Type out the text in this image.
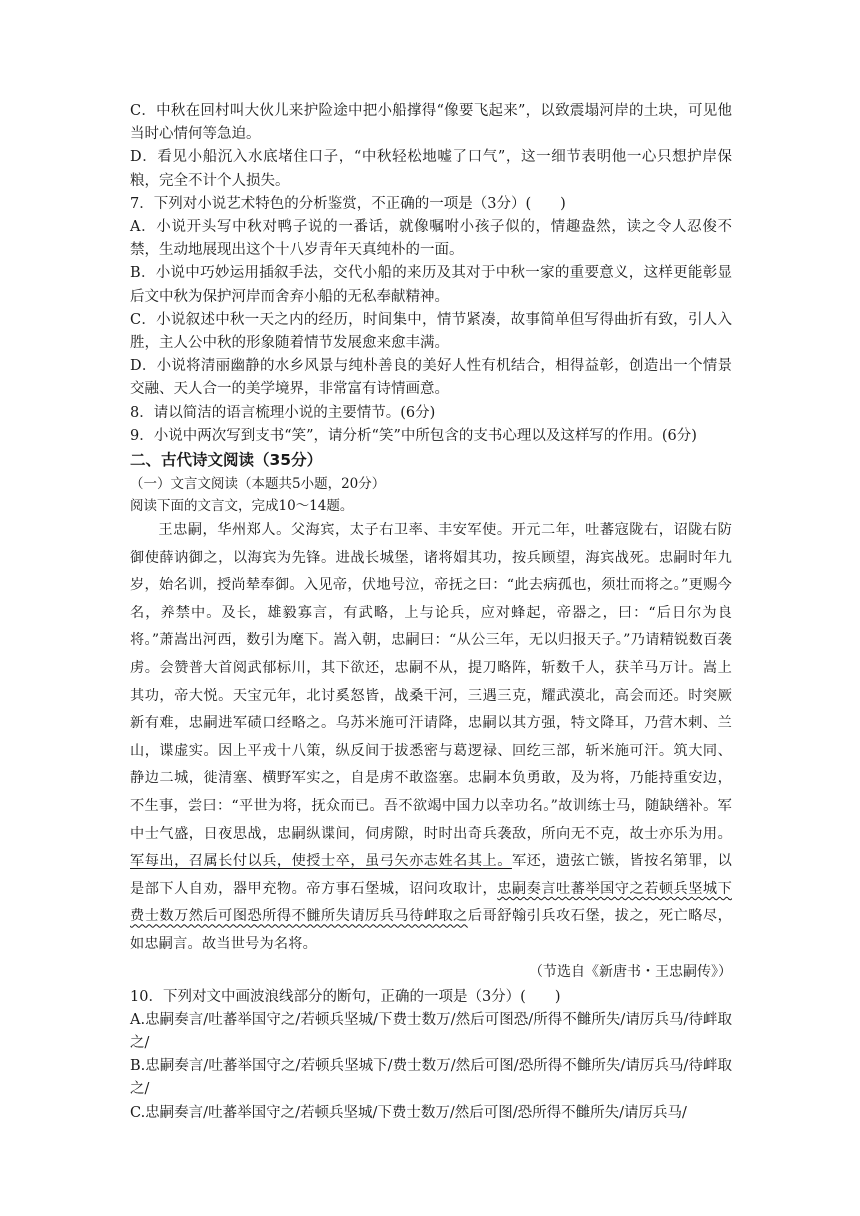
C．中秋在回村叫大伙儿来护险途中把小船撑得“像要飞起来”，以致震塌河岸的土块，可见他当时心情何等急迫。

D．看见小船沉入水底堵住口子，“中秋轻松地嘘了口气”，这一细节表明他一心只想护岸保粮，完全不计个人损失。

7．下列对小说艺术特色的分析鉴赏，不正确的一项是（3分）(　　)

A．小说开头写中秋对鸭子说的一番话，就像嘱咐小孩子似的，情趣盎然，读之令人忍俊不禁，生动地展现出这个十八岁青年天真纯朴的一面。

B．小说中巧妙运用插叙手法，交代小船的来历及其对于中秋一家的重要意义，这样更能彰显后文中秋为保护河岸而舍弃小船的无私奉献精神。

C．小说叙述中秋一天之内的经历，时间集中，情节紧凑，故事简单但写得曲折有致，引人入胜，主人公中秋的形象随着情节发展愈来愈丰满。

D．小说将清丽幽静的水乡风景与纯朴善良的美好人性有机结合，相得益彰，创造出一个情景交融、天人合一的美学境界，非常富有诗情画意。

8．请以简洁的语言梳理小说的主要情节。(6分)

9．小说中两次写到支书“笑”，请分析“笑”中所包含的支书心理以及这样写的作用。(6分)

二、古代诗文阅读（35分）

（一）文言文阅读（本题共5小题，20分）

阅读下面的文言文，完成10～14题。

王忠嗣，华州郑人。父海宾，太子右卫率、丰安军使。开元二年，吐蕃寇陇右，诏陇右防御使薛讷御之，以海宾为先锋。进战长城堡，诸将媢其功，按兵顾望，海宾战死。忠嗣时年九岁，始名训，授尚辇奉御。入见帝，伏地号泣，帝抚之曰：“此去病孤也，须壮而将之。”更赐今名，养禁中。及长，雄毅寡言，有武略，上与论兵，应对蜂起，帝器之，曰：“后日尔为良将。”萧嵩出河西，数引为麾下。嵩入朝，忠嗣曰：“从公三年，无以归报天子。”乃请精锐数百袭虏。会赞普大首阅武郁标川，其下欲还，忠嗣不从，提刀略阵，斩数千人，获羊马万计。嵩上其功，帝大悦。天宝元年，北讨奚怒皆，战桑干河，三遇三克，耀武漠北，高会而还。时突厥新有难，忠嗣进军碛口经略之。乌苏米施可汗请降，忠嗣以其方强，特文降耳，乃营木剌、兰山，谍虚实。因上平戎十八策，纵反间于拔悉密与葛逻禄、回纥三部，斩米施可汗。筑大同、静边二城，徙清塞、横野军实之，自是虏不敢盗塞。忠嗣本负勇敢，及为将，乃能持重安边，不生事，尝曰：“平世为将，抚众而已。吾不欲竭中国力以幸功名。”故训练士马，随缺缮补。军中士气盛，日夜思战，忠嗣纵谍间，伺虏隙，时时出奇兵袭敌，所向无不克，故士亦乐为用。军每出，召属长付以兵，使授士卒，虽弓矢亦志姓名其上。军还，遗弦亡镞，皆按名第罪，以是部下人自劝，器甲充物。帝方事石堡城，诏问攻取计，忠嗣奏言吐蕃举国守之若顿兵坚城下费士数万然后可图恐所得不雠所失请厉兵马待衅取之后哥舒翰引兵攻石堡，拔之，死亡略尽，如忠嗣言。故当世号为名将。

（节选自《新唐书・王忠嗣传》）

10．下列对文中画波浪线部分的断句，正确的一项是（3分）(　　)

A.忠嗣奏言/吐蕃举国守之/若顿兵坚城/下费士数万/然后可图恐/所得不雠所失/请厉兵马/待衅取之/

B.忠嗣奏言/吐蕃举国守之/若顿兵坚城下/费士数万/然后可图/恐所得不雠所失/请厉兵马/待衅取之/

C.忠嗣奏言/吐蕃举国守之/若顿兵坚城/下费士数万/然后可图/恐所得不雠所失/请厉兵马/
